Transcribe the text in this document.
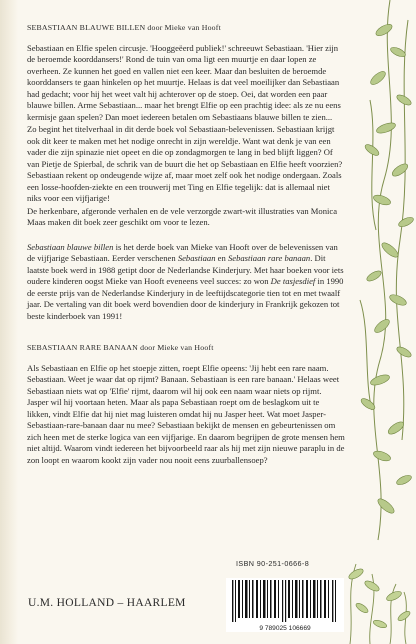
SEBASTIAAN BLAUWE BILLEN door Mieke van Hooft

Sebastiaan en Elfie spelen circusje. 'Hooggeëerd publiek!' schreeuwt Sebastiaan. 'Hier zijn de beroemde koorddansers!' Rond de tuin van oma ligt een muurtje en daar lopen ze overheen. Ze kunnen het goed en vallen niet een keer. Maar dan besluiten de beroemde koorddansers te gaan hinkelen op het muurtje. Helaas is dat veel moeilijker dan Sebastiaan had gedacht; voor hij het weet valt hij achterover op de stoep. Oei, dat worden een paar blauwe billen. Arme Sebastiaan... maar het brengt Elfie op een prachtig idee: als ze nu eens kermisje gaan spelen? Dan moet iedereen betalen om Sebastiaans blauwe billen te zien...

Zo begint het titelverhaal in dit derde boek vol Sebastiaan-belevenissen. Sebastiaan krijgt ook dit keer te maken met het nodige onrecht in zijn wereldje. Want wat denk je van een vader die zijn spinazie niet opeet en die op zondagmorgen te lang in bed blijft liggen? Of van Pietje de Spierbal, de schrik van de buurt die het op Sebastiaan en Elfie heeft voorzien? Sebastiaan rekent op ondeugende wijze af, maar moet zelf ook het nodige ondergaan. Zoals een losse-hoofden-ziekte en een trouwerij met Ting en Elfie tegelijk: dat is allemaal niet niks voor een vijfjarige!

De herkenbare, afgeronde verhalen en de vele verzorgde zwart-wit illustraties van Monica Maas maken dit boek zeer geschikt om voor te lezen.

Sebastiaan blauwe billen is het derde boek van Mieke van Hooft over de belevenissen van de vijfjarige Sebastiaan. Eerder verschenen Sebastiaan en Sebastiaan rare banaan. Dit laatste boek werd in 1988 getipt door de Nederlandse Kinderjury. Met haar boeken voor iets oudere kinderen oogst Mieke van Hooft eveneens veel succes: zo won De tasjesdief in 1990 de eerste prijs van de Nederlandse Kinderjury in de leeftijdscategorie tien tot en met twaalf jaar. De vertaling van dit boek werd bovendien door de kinderjury in Frankrijk gekozen tot beste kinderboek van 1991!

SEBASTIAAN RARE BANAAN door Mieke van Hooft

Als Sebastiaan en Elfie op het stoepje zitten, roept Elfie opeens: 'Jij hebt een rare naam. Sebastiaan. Weet je waar dat op rijmt? Banaan. Sebastiaan is een rare banaan.' Helaas weet Sebastiaan niets wat op 'Elfie' rijmt, daarom wil hij ook een naam waar niets op rijmt. Jasper wil hij voortaan heten. Maar als papa Sebastiaan roept om de beslagkom uit te likken, vindt Elfie dat hij niet mag luisteren omdat hij nu Jasper heet. Wat moet Jasper-Sebastiaan-rare-banaan daar nu mee? Sebastiaan bekijkt de mensen en gebeurtenissen om zich heen met de sterke logica van een vijfjarige. En daarom begrijpen de grote mensen hem niet altijd. Waarom vindt iedereen het bijvoorbeeld raar als hij met zijn nieuwe paraplu in de zon loopt en waarom kookt zijn vader nou nooit eens zuurballensoep?

ISBN 90-251-0666-8
9 789025 106669
U.M. HOLLAND – HAARLEM
